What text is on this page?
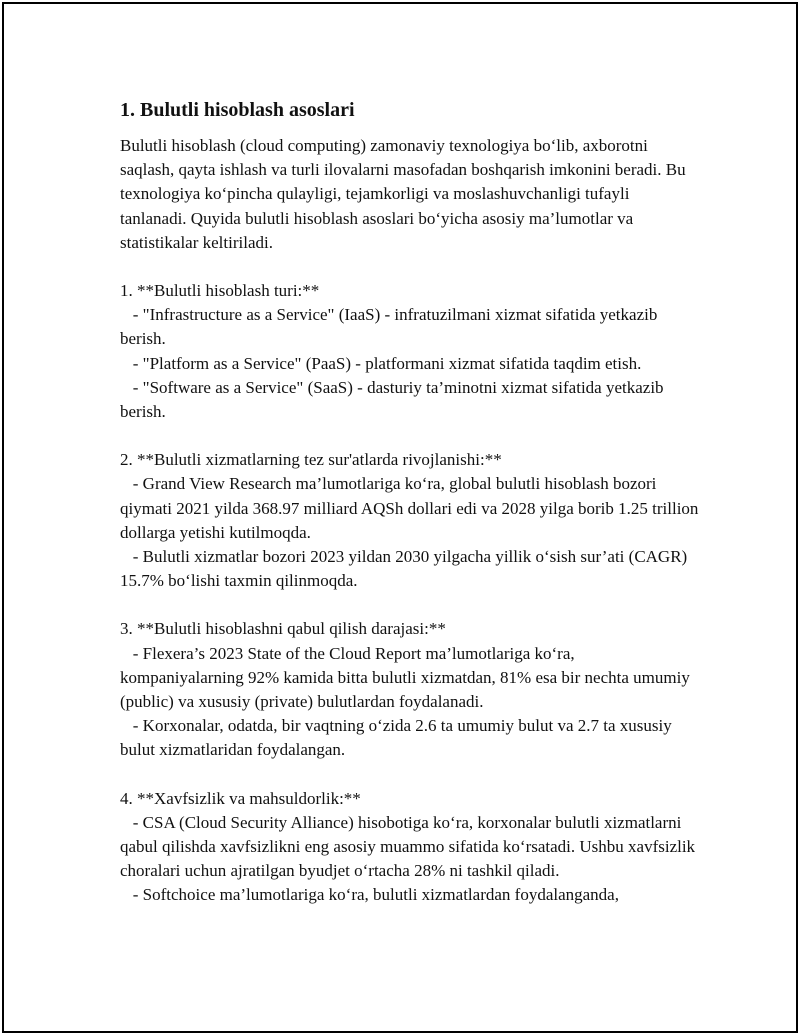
1. Bulutli hisoblash asoslari

Bulutli hisoblash (cloud computing) zamonaviy texnologiya bo‘lib, axborotni saqlash, qayta ishlash va turli ilovalarni masofadan boshqarish imkonini beradi. Bu texnologiya ko‘pincha qulayligi, tejamkorligi va moslashuvchanligi tufayli tanlanadi. Quyida bulutli hisoblash asoslari bo‘yicha asosiy ma’lumotlar va statistikalar keltiriladi.

1. **Bulutli hisoblash turi:**

- "Infrastructure as a Service" (IaaS) - infratuzilmani xizmat sifatida yetkazib berish.

- "Platform as a Service" (PaaS) - platformani xizmat sifatida taqdim etish.

- "Software as a Service" (SaaS) - dasturiy ta’minotni xizmat sifatida yetkazib berish.

2. **Bulutli xizmatlarning tez sur'atlarda rivojlanishi:**

- Grand View Research ma’lumotlariga ko‘ra, global bulutli hisoblash bozori qiymati 2021 yilda 368.97 milliard AQSh dollari edi va 2028 yilga borib 1.25 trillion dollarga yetishi kutilmoqda.

- Bulutli xizmatlar bozori 2023 yildan 2030 yilgacha yillik o‘sish sur’ati (CAGR) 15.7% bo‘lishi taxmin qilinmoqda.

3. **Bulutli hisoblashni qabul qilish darajasi:**

- Flexera’s 2023 State of the Cloud Report ma’lumotlariga ko‘ra, kompaniyalarning 92% kamida bitta bulutli xizmatdan, 81% esa bir nechta umumiy (public) va xususiy (private) bulutlardan foydalanadi.

- Korxonalar, odatda, bir vaqtning o‘zida 2.6 ta umumiy bulut va 2.7 ta xususiy bulut xizmatlaridan foydalangan.

4. **Xavfsizlik va mahsuldorlik:**

- CSA (Cloud Security Alliance) hisobotiga ko‘ra, korxonalar bulutli xizmatlarni qabul qilishda xavfsizlikni eng asosiy muammo sifatida ko‘rsatadi. Ushbu xavfsizlik choralari uchun ajratilgan byudjet o‘rtacha 28% ni tashkil qiladi.

- Softchoice ma’lumotlariga ko‘ra, bulutli xizmatlardan foydalanganda,
